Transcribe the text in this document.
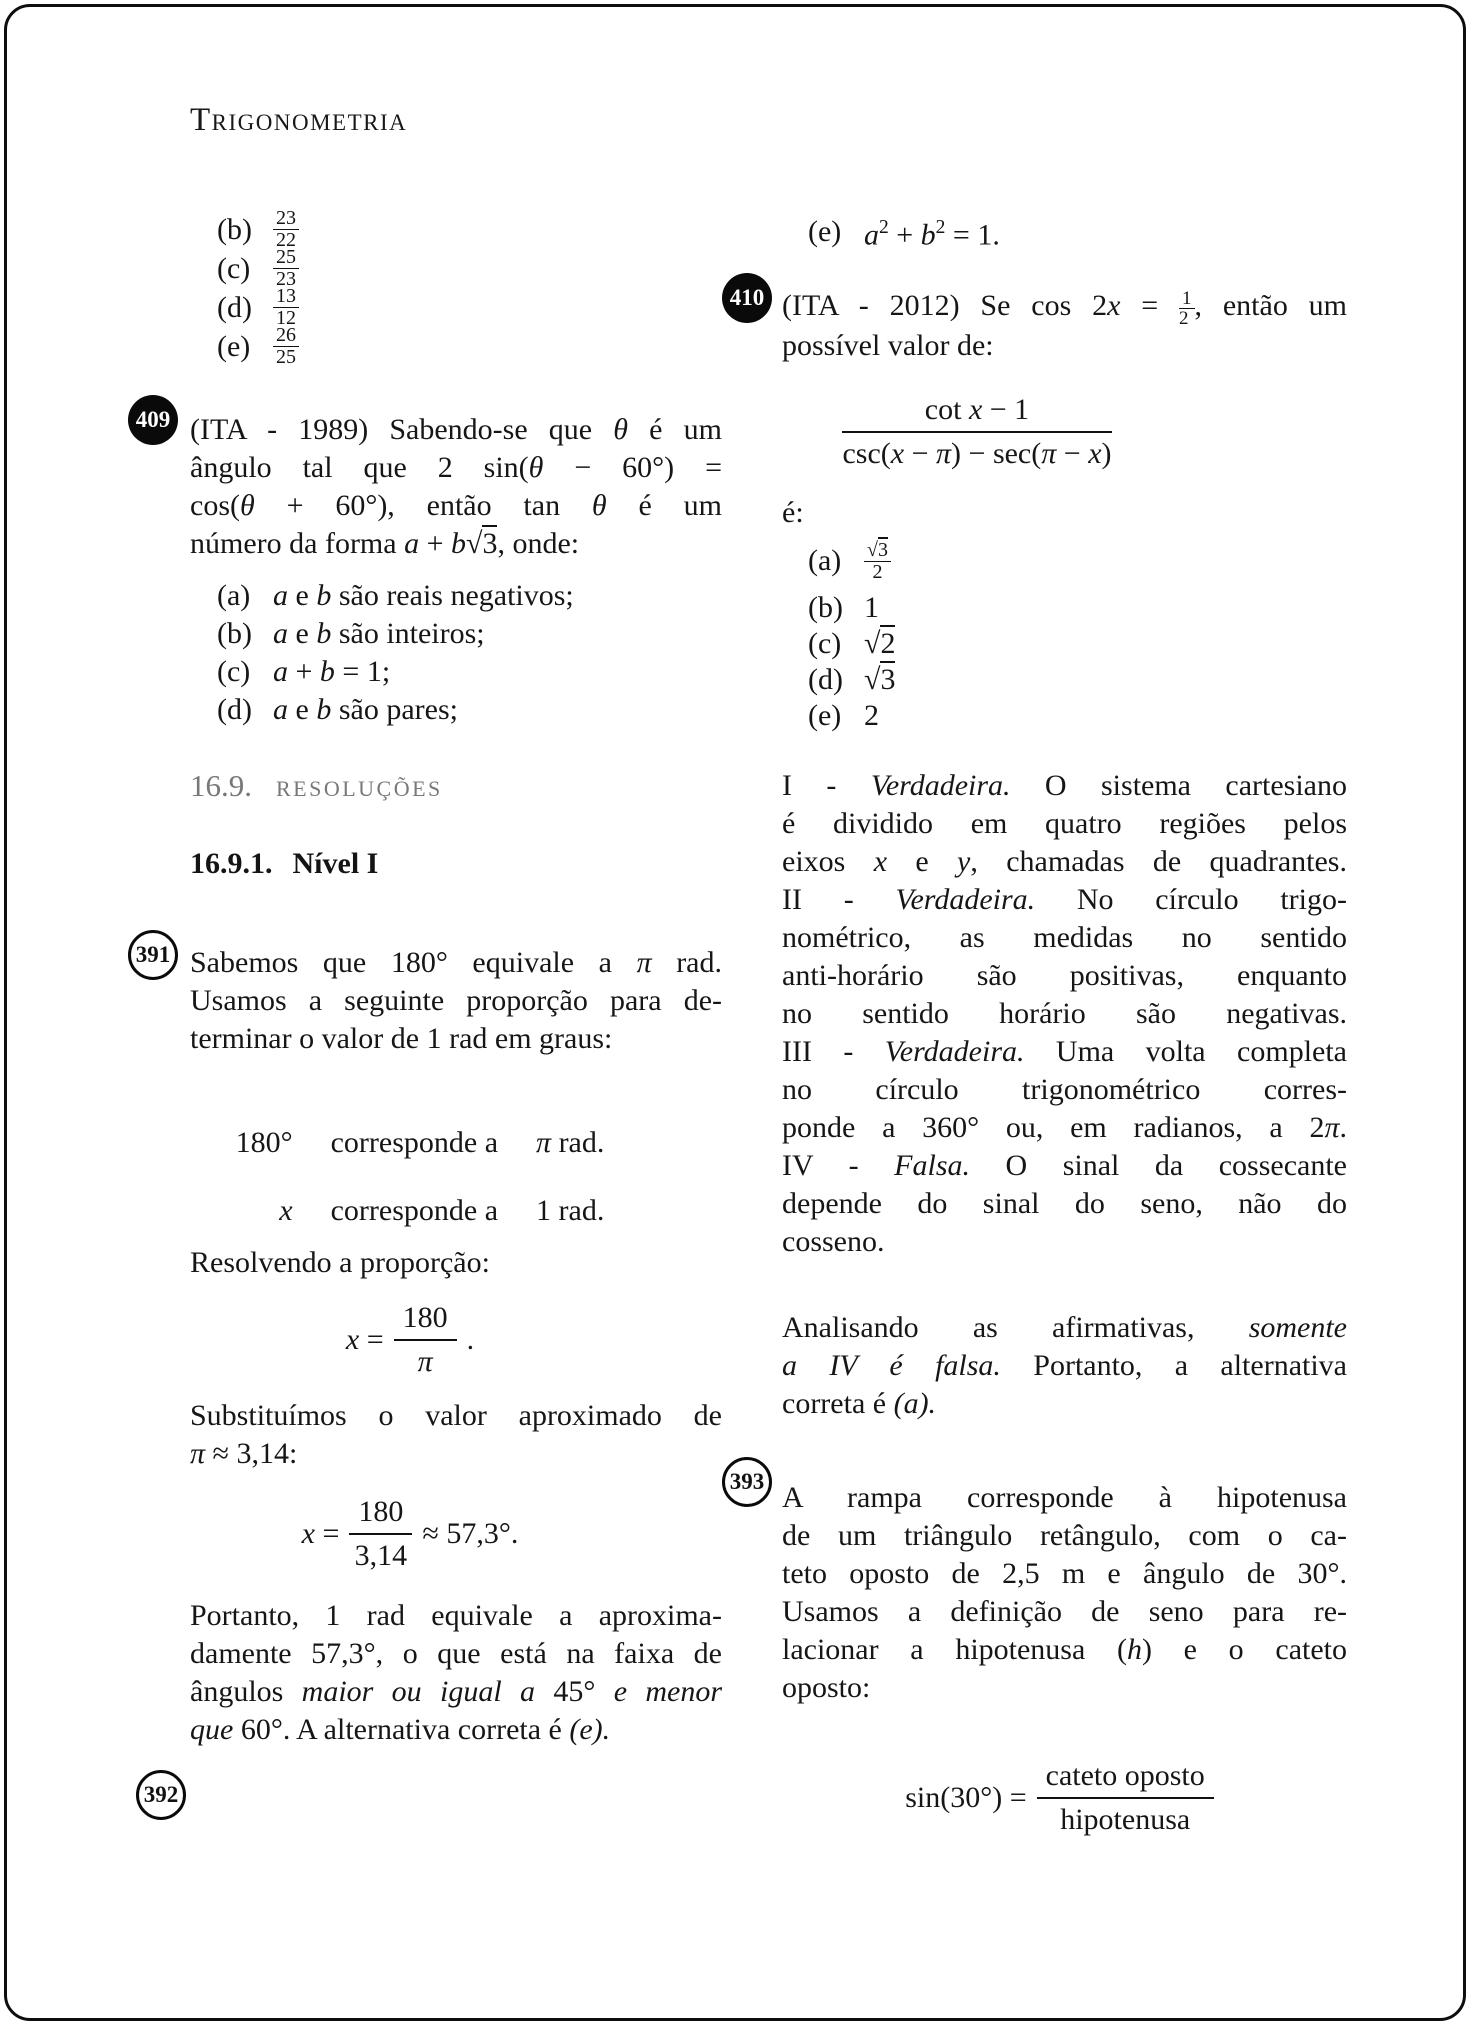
Trigonometria
(b)	$\frac{23}{22}$
(c)	$\frac{25}{23}$
(d)	$\frac{13}{12}$
(e)	$\frac{26}{25}$
409 (ITA - 1989) Sabendo-se que θ é um
ângulo tal que 2 sin(θ − 60°) =
cos(θ + 60°), então tan θ é um
número da forma a + b√3, onde:
(a) a e b são reais negativos;
(b) a e b são inteiros;
(c) a + b = 1;
(d) a e b são pares;
16.9. resoluções
16.9.1. Nível I
391 Sabemos que 180° equivale a π rad.
Usamos a seguinte proporção para de-
terminar o valor de 1 rad em graus:
180° corresponde a π rad.
x corresponde a 1 rad.
Resolvendo a proporção:
$x = \frac{180}{\pi}$ .
Substituímos o valor aproximado de
π ≈ 3,14:
$x = \frac{180}{3,14} \approx 57,3^\circ$.
Portanto, 1 rad equivale a aproxima-
damente 57,3°, o que está na faixa de
ângulos maior ou igual a 45° e menor
que 60°. A alternativa correta é (e).
392
(e) $a^2 + b^2 = 1$.
410 (ITA - 2012) Se $\cos 2x = \frac{1}{2}$ , então um
possível valor de:
$\frac{\text{cot x − 1}}{\csc(x - \pi) - \sec(\pi - x)}$
é:
(a)	$\frac{√3}{2}$
(b) 1
(c) √2
(d) √3
(e) 2
I - Verdadeira. O sistema cartesiano
é dividido em quatro regiões pelos
eixos x e y, chamadas de quadrantes.
II - Verdadeira. No círculo trigo-
nométrico, as medidas no sentido
anti-horário são positivas, enquanto
no sentido horário são negativas.
III - Verdadeira. Uma volta completa
no círculo trigonométrico corres-
ponde a 360° ou, em radianos, a 2π.
IV - Falsa. O sinal da cossecante
depende do sinal do seno, não do
cosseno.
Analisando as afirmativas, somente
a IV é falsa. Portanto, a alternativa
correta é (a).
393 A rampa corresponde à hipotenusa
de um triângulo retângulo, com o ca-
teto oposto de 2,5 m e ângulo de 30°.
Usamos a definição de seno para re-
lacionar a hipotenusa (h) e o cateto
oposto:
$\sin(30^\circ) = \frac{\text{cateto oposto}}{\text{hipotenusa}}$
